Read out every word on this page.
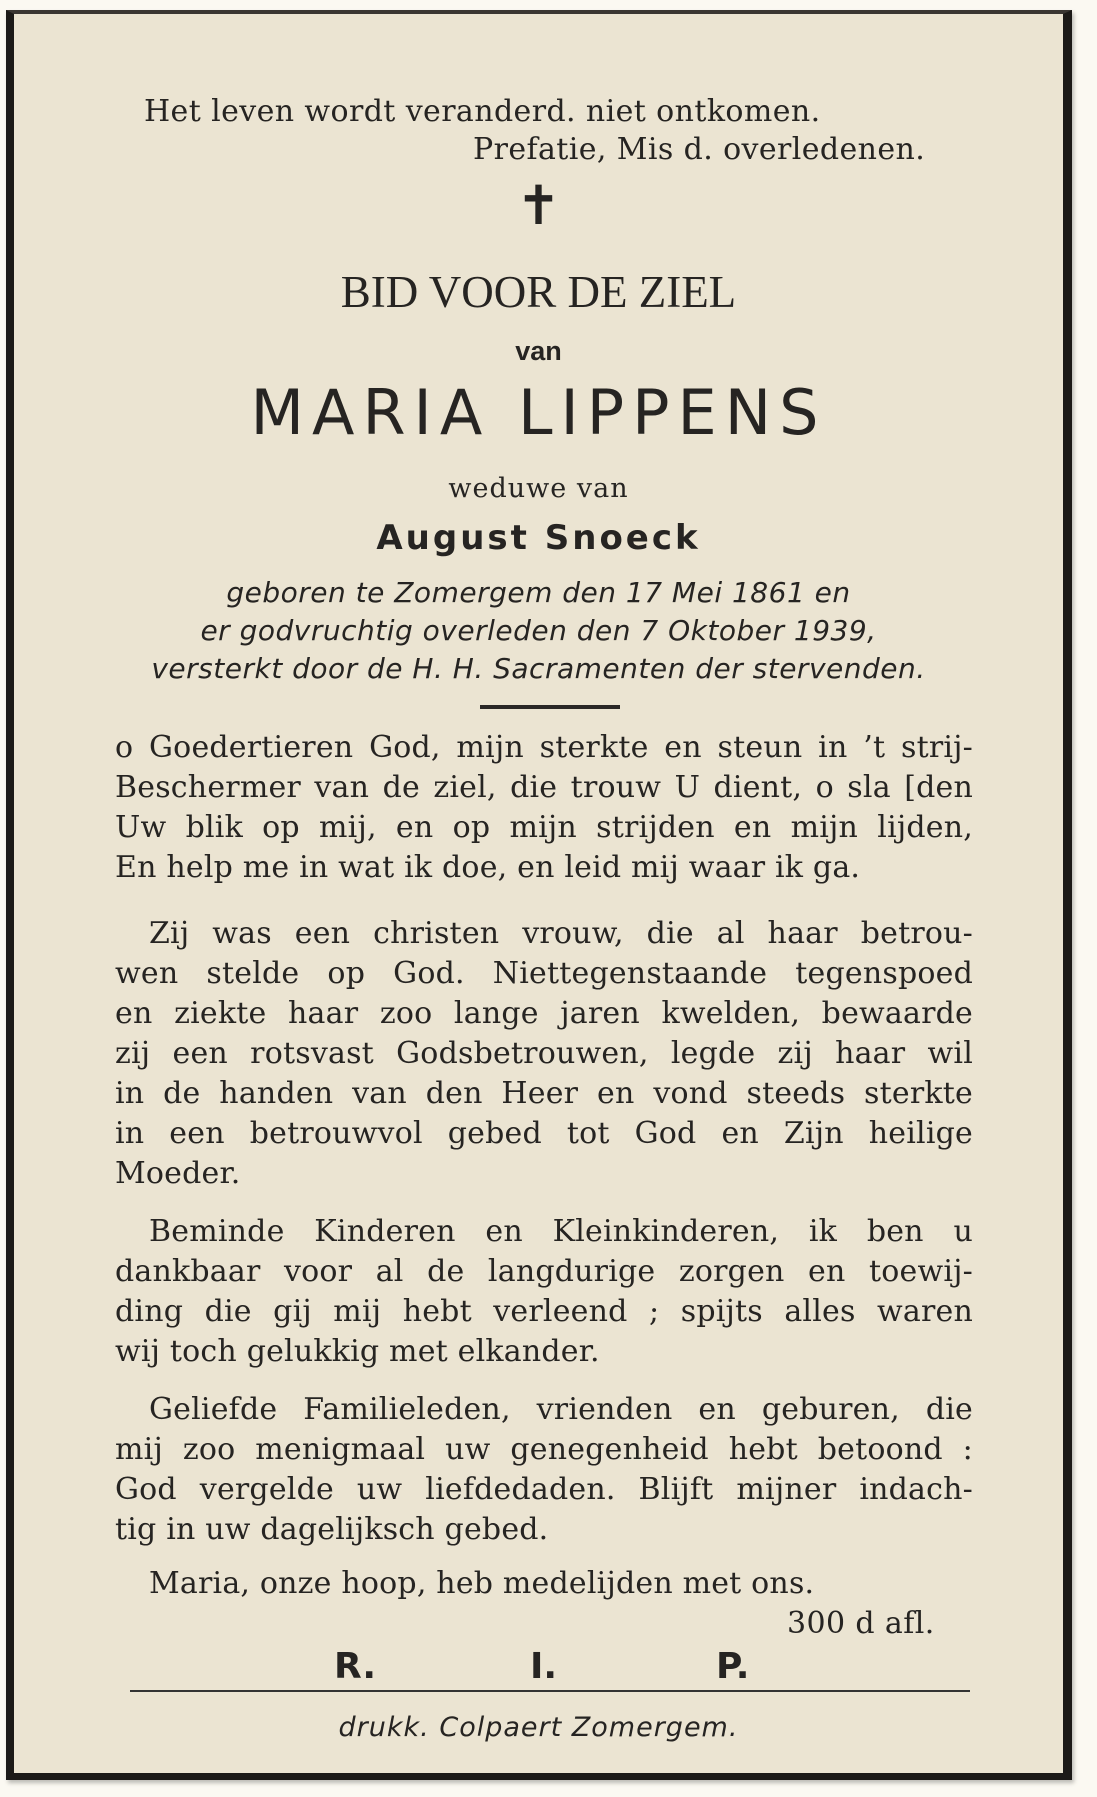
Het leven wordt veranderd. niet ontkomen.
Prefatie, Mis d. overledenen.
✝
BID VOOR DE ZIEL
van
MARIA LIPPENS
weduwe van
August Snoeck
geboren te Zomergem den 17 Mei 1861 en
er godvruchtig overleden den 7 Oktober 1939,
versterkt door de H. H. Sacramenten der stervenden.
o Goedertieren God, mijn sterkte en steun in ’t strij-
Beschermer van de ziel, die trouw U dient, o sla [den
Uw blik op mij, en op mijn strijden en mijn lijden,
En help me in wat ik doe, en leid mij waar ik ga.
Zij was een christen vrouw, die al haar betrou-
wen stelde op God. Niettegenstaande tegenspoed
en ziekte haar zoo lange jaren kwelden, bewaarde
zij een rotsvast Godsbetrouwen, legde zij haar wil
in de handen van den Heer en vond steeds sterkte
in een betrouwvol gebed tot God en Zijn heilige
Moeder.
Beminde Kinderen en Kleinkinderen, ik ben u
dankbaar voor al de langdurige zorgen en toewij-
ding die gij mij hebt verleend ; spijts alles waren
wij toch gelukkig met elkander.
Geliefde Familieleden, vrienden en geburen, die
mij zoo menigmaal uw genegenheid hebt betoond :
God vergelde uw liefdedaden. Blijft mijner indach-
tig in uw dagelijksch gebed.
Maria, onze hoop, heb medelijden met ons.
300 d afl.
R.	I.	P.
drukk. Colpaert Zomergem.
